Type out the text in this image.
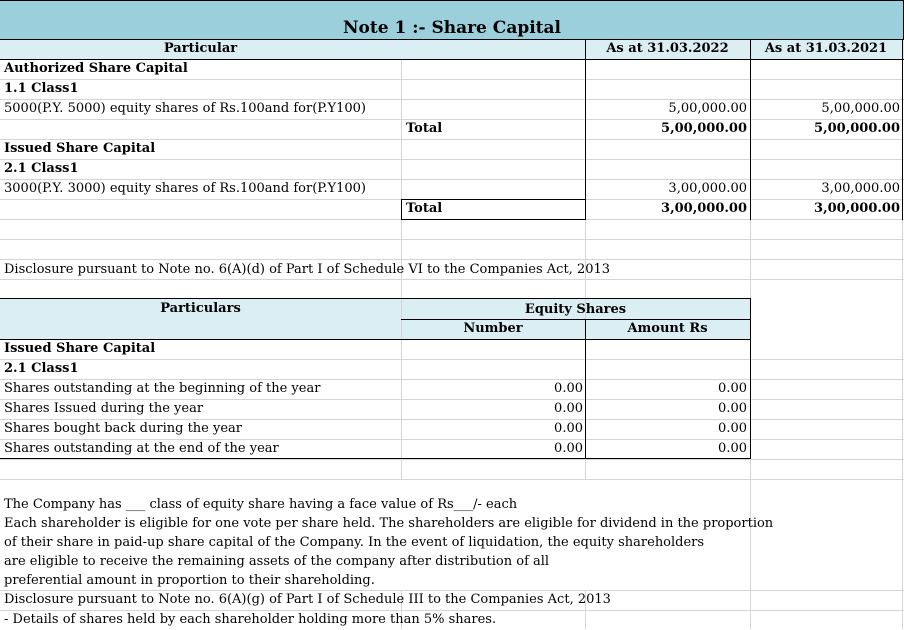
Note 1 :- Share Capital
Particular	As at 31.03.2022	As at 31.03.2021
Authorized Share Capital
1.1 Class1
5000(P.Y. 5000) equity shares of Rs.100and for(P.Y100)	5,00,000.00	5,00,000.00
Total	5,00,000.00	5,00,000.00
Issued Share Capital
2.1 Class1
3000(P.Y. 3000) equity shares of Rs.100and for(P.Y100)	3,00,000.00	3,00,000.00
Total	3,00,000.00	3,00,000.00
Disclosure pursuant to Note no. 6(A)(d) of Part I of Schedule VI to the Companies Act, 2013
Particulars	Equity Shares
Number	Amount Rs
Issued Share Capital
2.1 Class1
Shares outstanding at the beginning of the year	0.00	0.00
Shares Issued during the year	0.00	0.00
Shares bought back during the year	0.00	0.00
Shares outstanding at the end of the year	0.00	0.00
The Company has ___ class of equity share having a face value of Rs___/- each
Each shareholder is eligible for one vote per share held. The shareholders are eligible for dividend in the proportion
of their share in paid-up share capital of the Company. In the event of liquidation, the equity shareholders
are eligible to receive the remaining assets of the company after distribution of all
preferential amount in proportion to their shareholding.
Disclosure pursuant to Note no. 6(A)(g) of Part I of Schedule III to the Companies Act, 2013
- Details of shares held by each shareholder holding more than 5% shares.
